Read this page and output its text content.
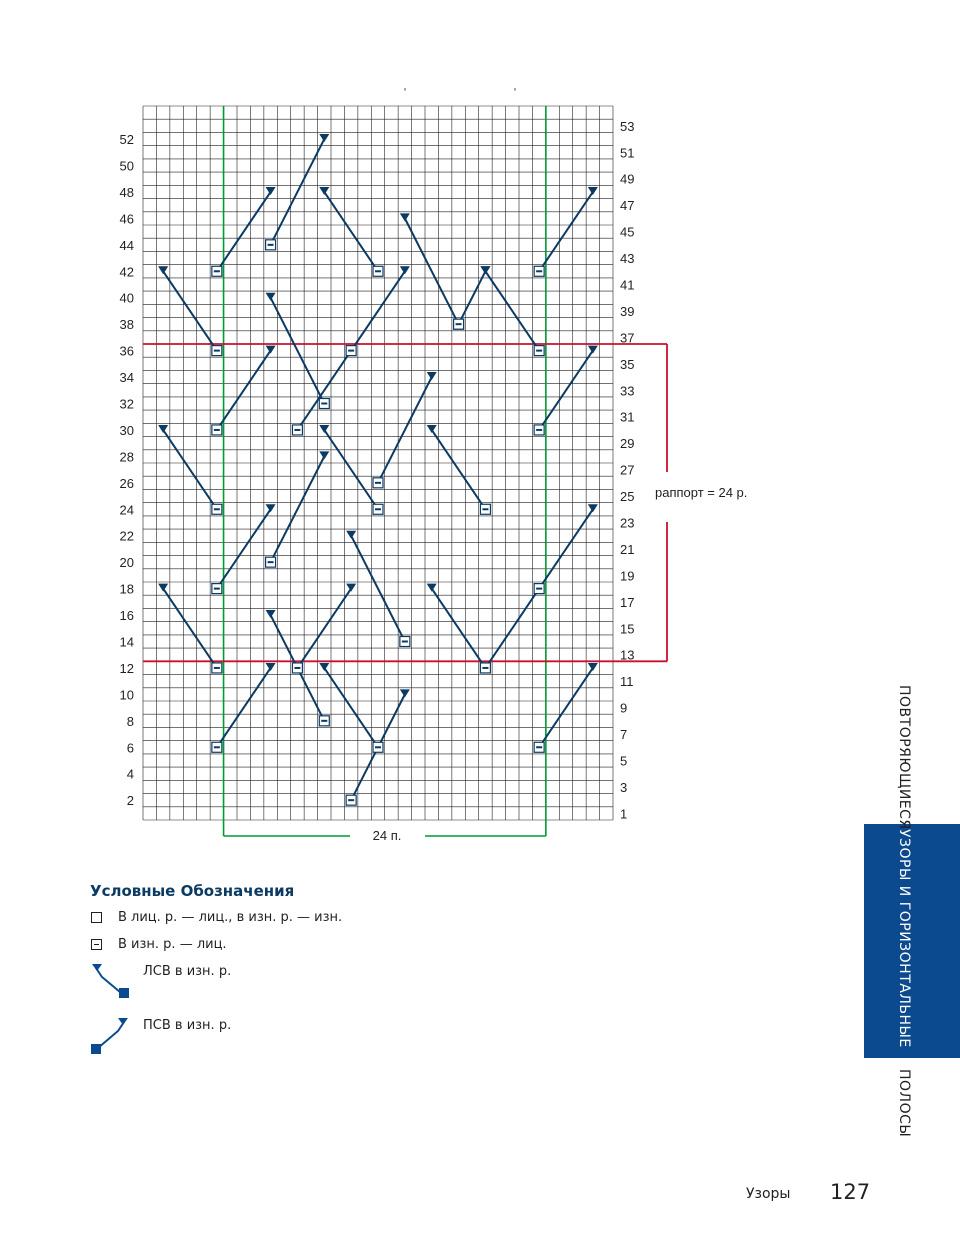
52
50
48
46
44
42
40
38
36
34
32
30
28
26
24
22
20
18
16
14
12
10
8
6
4
2
53
51
49
47
45
43
41
39
37
35
33
31
29
27
25
23
21
19
17
15
13
11
9
7
5
3
1
'	'
24 п.
раппорт = 24 р.
Условные Обозначения
В лиц. р. — лиц., в изн. р. — изн.
В изн. р. — лиц.
ЛСВ в изн. р.
ПСВ в изн. р.
ПОВТОРЯЮЩИЕСЯ
УЗОРЫ И ГОРИЗОНТАЛЬНЫЕ
ПОЛОСЫ
Узоры 127
